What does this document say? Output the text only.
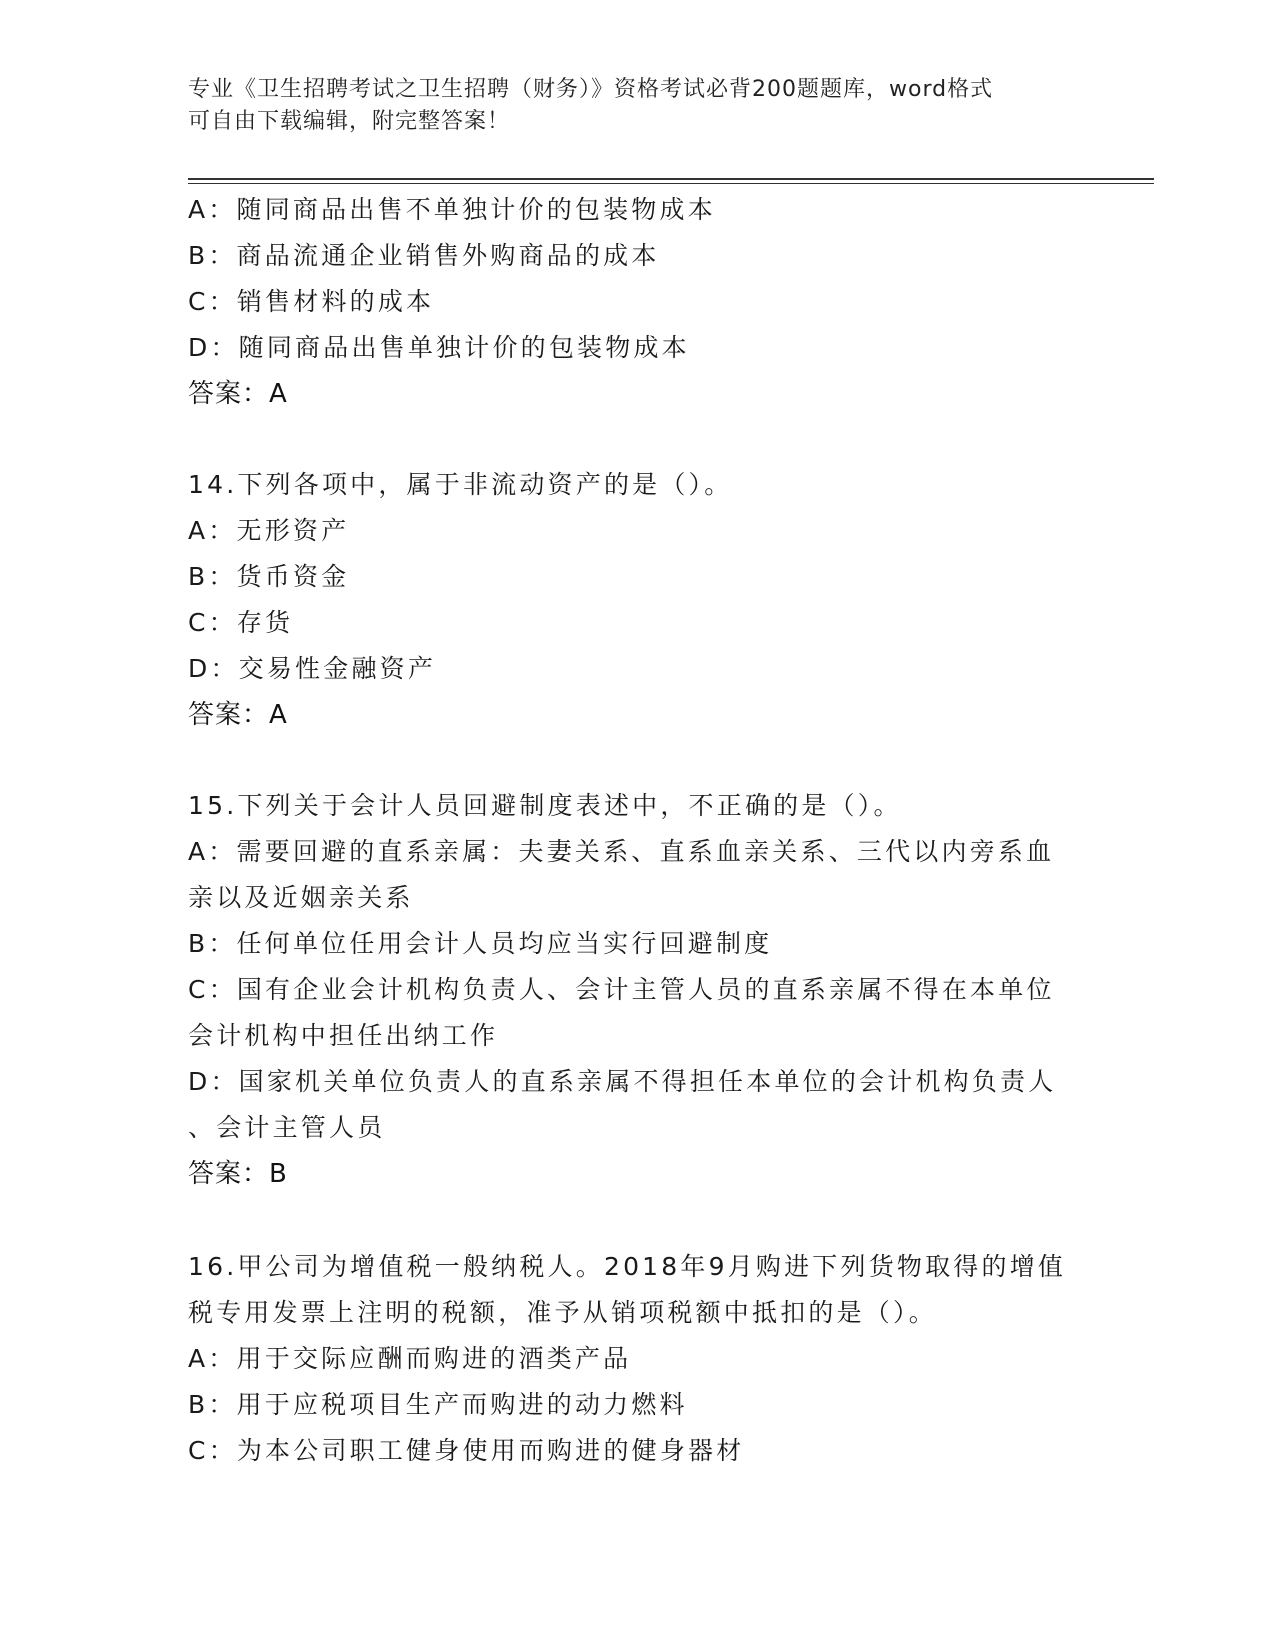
专业《卫生招聘考试之卫生招聘（财务）》资格考试必背200题题库，word格式
可自由下载编辑，附完整答案！
A：随同商品出售不单独计价的包装物成本
B：商品流通企业销售外购商品的成本
C：销售材料的成本
D：随同商品出售单独计价的包装物成本
答案：A
14.下列各项中，属于非流动资产的是（）。
A：无形资产
B：货币资金
C：存货
D：交易性金融资产
答案：A
15.下列关于会计人员回避制度表述中，不正确的是（）。
A：需要回避的直系亲属：夫妻关系、直系血亲关系、三代以内旁系血
亲以及近姻亲关系
B：任何单位任用会计人员均应当实行回避制度
C：国有企业会计机构负责人、会计主管人员的直系亲属不得在本单位
会计机构中担任出纳工作
D：国家机关单位负责人的直系亲属不得担任本单位的会计机构负责人
、会计主管人员
答案：B
16.甲公司为增值税一般纳税人。2018年9月购进下列货物取得的增值
税专用发票上注明的税额，准予从销项税额中抵扣的是（）。
A：用于交际应酬而购进的酒类产品
B：用于应税项目生产而购进的动力燃料
C：为本公司职工健身使用而购进的健身器材
